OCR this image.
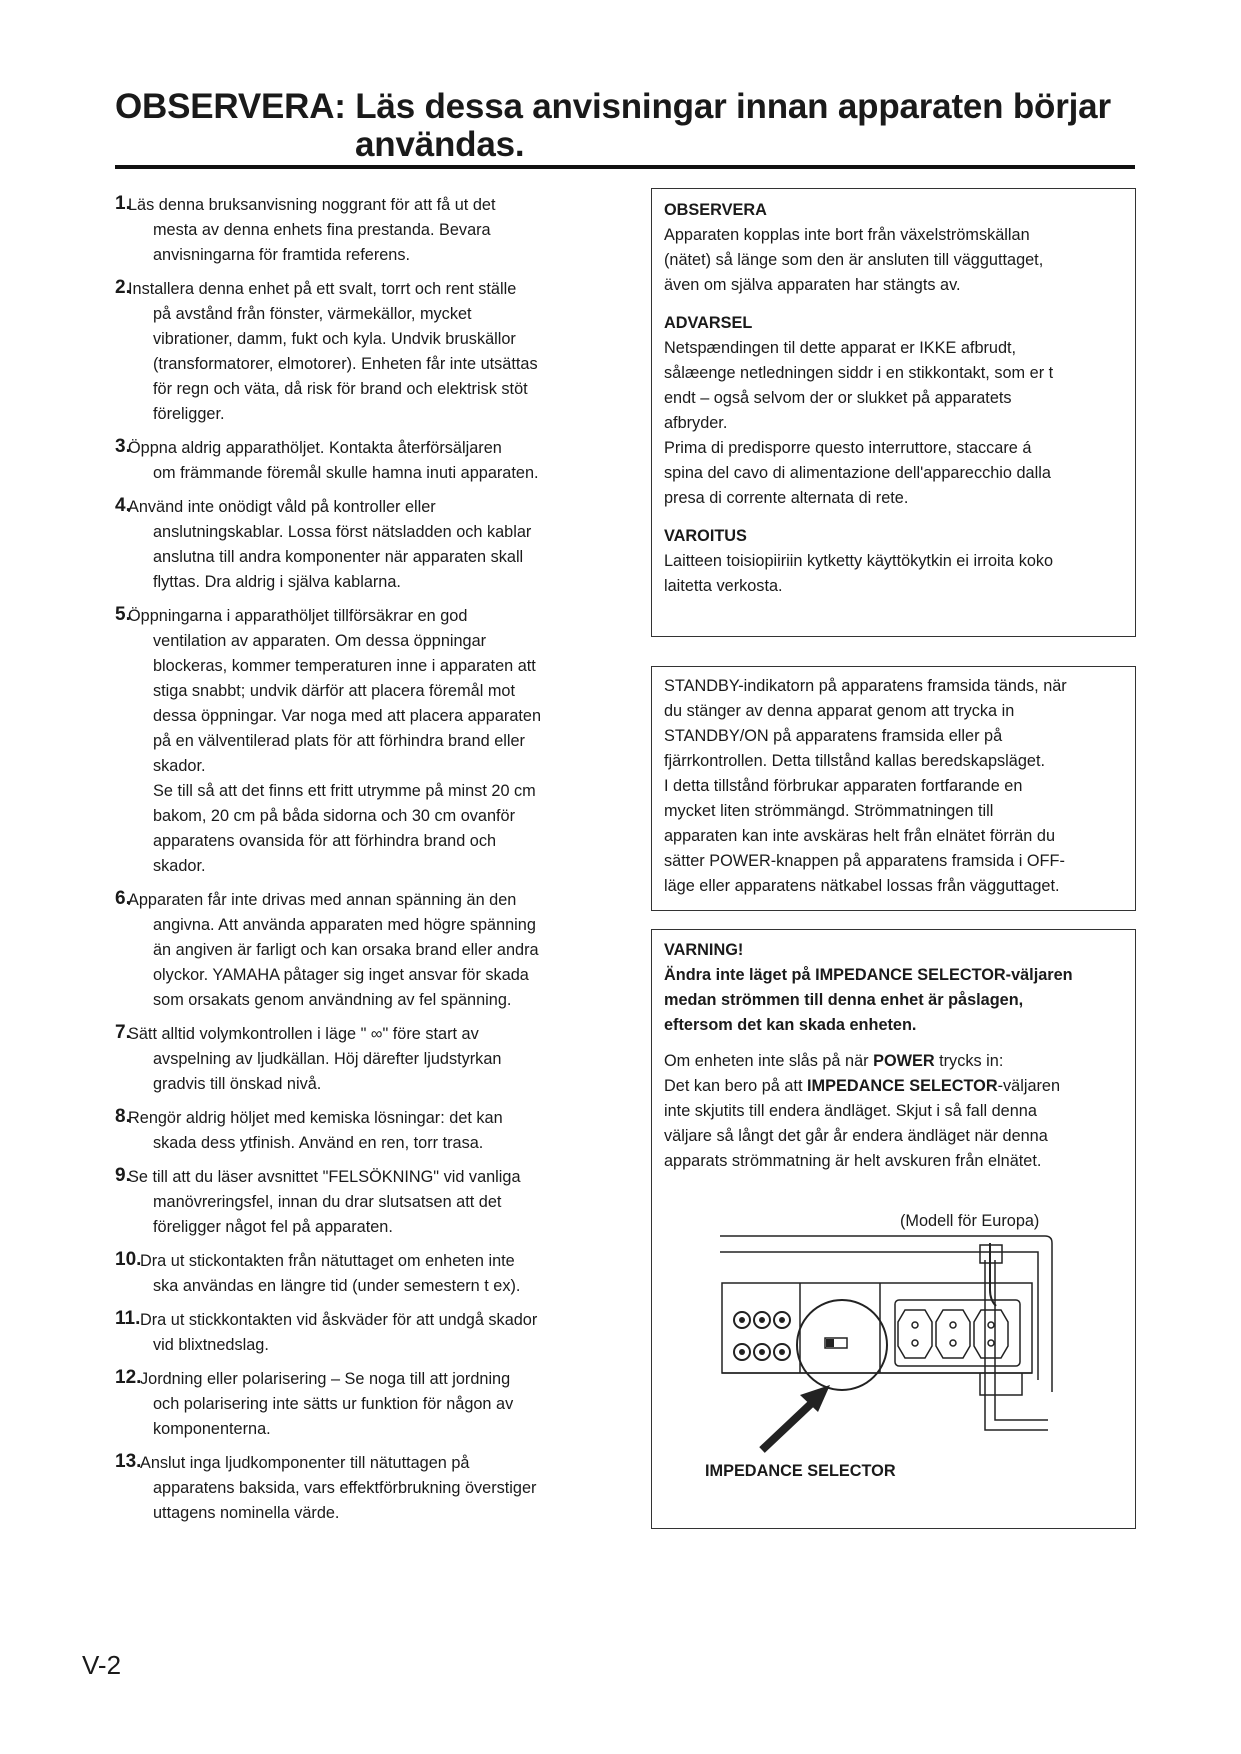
OBSERVERA: Läs dessa anvisningar innan apparaten börjar
användas.
1.
Läs denna bruksanvisning noggrant för att få ut det
mesta av denna enhets fina prestanda. Bevara
anvisningarna för framtida referens.
2.
Installera denna enhet på ett svalt, torrt och rent ställe
på avstånd från fönster, värmekällor, mycket
vibrationer, damm, fukt och kyla. Undvik bruskällor
(transformatorer, elmotorer). Enheten får inte utsättas
för regn och väta, då risk för brand och elektrisk stöt
föreligger.
3.
Öppna aldrig apparathöljet. Kontakta återförsäljaren
om främmande föremål skulle hamna inuti apparaten.
4.
Använd inte onödigt våld på kontroller eller
anslutningskablar. Lossa först nätsladden och kablar
anslutna till andra komponenter när apparaten skall
flyttas. Dra aldrig i själva kablarna.
5.
Öppningarna i apparathöljet tillförsäkrar en god
ventilation av apparaten. Om dessa öppningar
blockeras, kommer temperaturen inne i apparaten att
stiga snabbt; undvik därför att placera föremål mot
dessa öppningar. Var noga med att placera apparaten
på en välventilerad plats för att förhindra brand eller
skador.
Se till så att det finns ett fritt utrymme på minst 20 cm
bakom, 20 cm på båda sidorna och 30 cm ovanför
apparatens ovansida för att förhindra brand och
skador.
6.
Apparaten får inte drivas med annan spänning än den
angivna. Att använda apparaten med högre spänning
än angiven är farligt och kan orsaka brand eller andra
olyckor. YAMAHA påtager sig inget ansvar för skada
som orsakats genom användning av fel spänning.
7.
Sätt alltid volymkontrollen i läge " ∞" före start av
avspelning av ljudkällan. Höj därefter ljudstyrkan
gradvis till önskad nivå.
8.
Rengör aldrig höljet med kemiska lösningar: det kan
skada dess ytfinish. Använd en ren, torr trasa.
9.
Se till att du läser avsnittet "FELSÖKNING" vid vanliga
manövreringsfel, innan du drar slutsatsen att det
föreligger något fel på apparaten.
10.
Dra ut stickontakten från nätuttaget om enheten inte
ska användas en längre tid (under semestern t ex).
11. Dra ut stickkontakten vid åskväder för att undgå skador
vid blixtnedslag.
12.
Jordning eller polarisering – Se noga till att jordning
och polarisering inte sätts ur funktion för någon av
komponenterna.
13.
Anslut inga ljudkomponenter till nätuttagen på
apparatens baksida, vars effektförbrukning överstiger
uttagens nominella värde.
OBSERVERA
Apparaten kopplas inte bort från växelströmskällan
(nätet) så länge som den är ansluten till vägguttaget,
även om själva apparaten har stängts av.
ADVARSEL
Netspændingen til dette apparat er IKKE afbrudt,
sålæenge netledningen siddr i en stikkontakt, som er t
endt – også selvom der or slukket på apparatets
afbryder.
Prima di predisporre questo interruttore, staccare á
spina del cavo di alimentazione dell'apparecchio dalla
presa di corrente alternata di rete.
VAROITUS
Laitteen toisiopiiriin kytketty käyttökytkin ei irroita koko
laitetta verkosta.
STANDBY-indikatorn på apparatens framsida tänds, när
du stänger av denna apparat genom att trycka in
STANDBY/ON på apparatens framsida eller på
fjärrkontrollen. Detta tillstånd kallas beredskapsläget.
I detta tillstånd förbrukar apparaten fortfarande en
mycket liten strömmängd. Strömmatningen till
apparaten kan inte avskäras helt från elnätet förrän du
sätter POWER-knappen på apparatens framsida i OFF-
läge eller apparatens nätkabel lossas från vägguttaget.
VARNING!
Ändra inte läget på IMPEDANCE SELECTOR-väljaren
medan strömmen till denna enhet är påslagen,
eftersom det kan skada enheten.

Om enheten inte slås på när POWER trycks in:

Det kan bero på att IMPEDANCE SELECTOR-väljaren

inte skjutits till endera ändläget. Skjut i så fall denna
väljare så långt det går år endera ändläget när denna
apparats strömmatning är helt avskuren från elnätet.
(Modell för Europa)
IMPEDANCE SELECTOR
V-2
